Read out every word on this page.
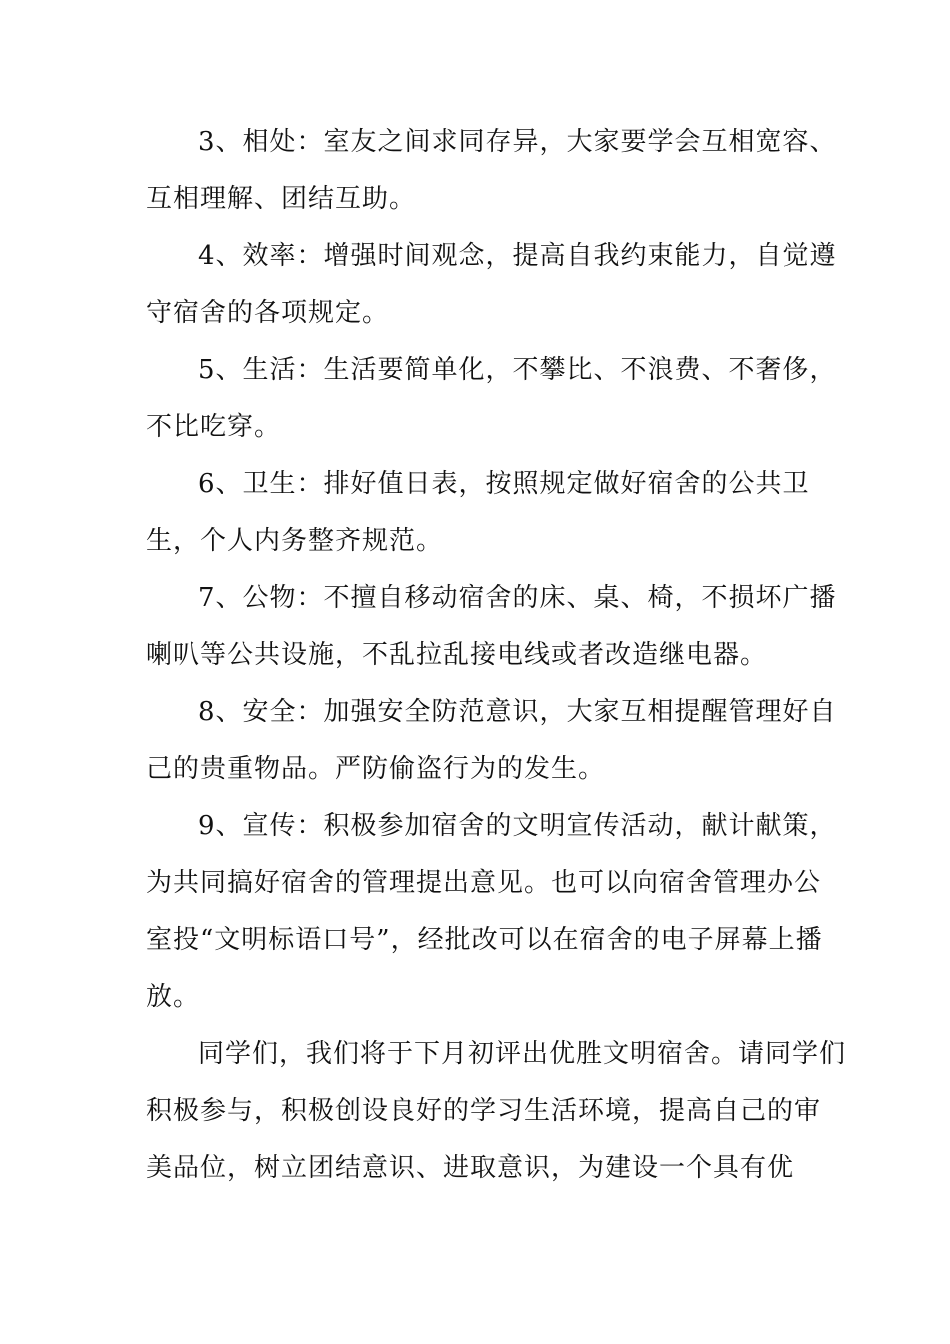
3、相处：室友之间求同存异，大家要学会互相宽容、互相理解、团结互助。

4、效率：增强时间观念，提高自我约束能力，自觉遵守宿舍的各项规定。

5、生活：生活要简单化，不攀比、不浪费、不奢侈，不比吃穿。

6、卫生：排好值日表，按照规定做好宿舍的公共卫生，个人内务整齐规范。

7、公物：不擅自移动宿舍的床、桌、椅，不损坏广播喇叭等公共设施，不乱拉乱接电线或者改造继电器。

8、安全：加强安全防范意识，大家互相提醒管理好自己的贵重物品。严防偷盗行为的发生。

9、宣传：积极参加宿舍的文明宣传活动，献计献策，为共同搞好宿舍的管理提出意见。也可以向宿舍管理办公室投“文明标语口号”，经批改可以在宿舍的电子屏幕上播放。

同学们，我们将于下月初评出优胜文明宿舍。请同学们积极参与，积极创设良好的学习生活环境，提高自己的审美品位，树立团结意识、进取意识，为建设一个具有优
